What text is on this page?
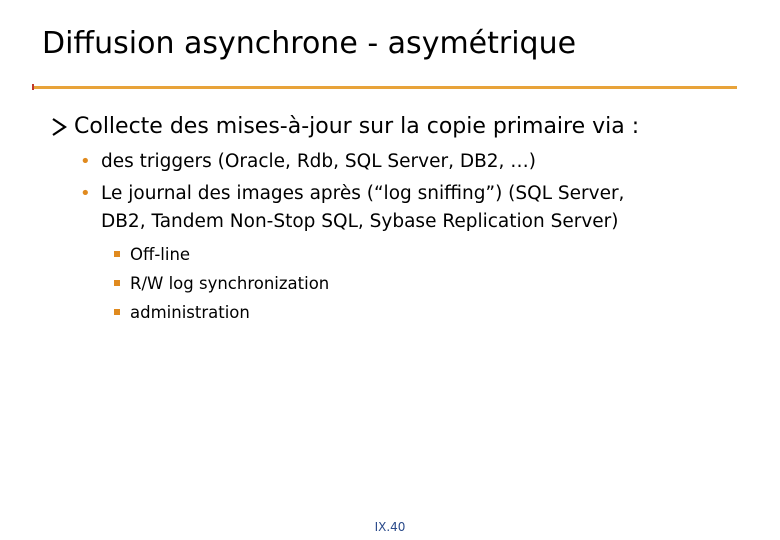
Diffusion asynchrone - asymétrique
Collecte des mises-à-jour sur la copie primaire via :
• des triggers (Oracle, Rdb, SQL Server, DB2, …)
• Le journal des images après (“log sniffing”) (SQL Server,
DB2, Tandem Non-Stop SQL, Sybase Replication Server)
Off-line
R/W log synchronization
administration
IX.40
